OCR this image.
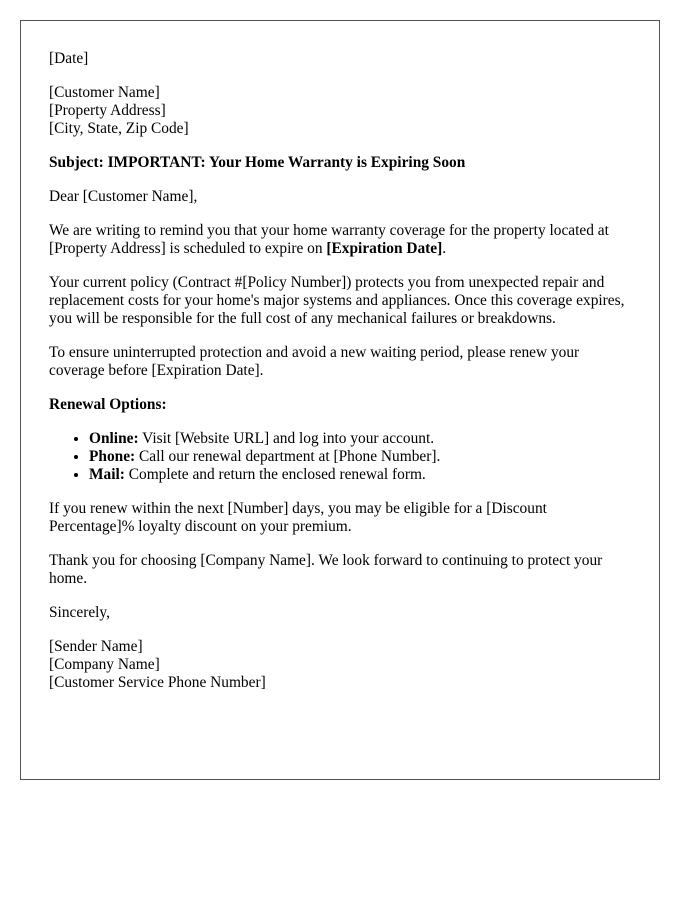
[Date]
[Customer Name]
[Property Address]
[City, State, Zip Code]
Subject: IMPORTANT: Your Home Warranty is Expiring Soon
Dear [Customer Name],
We are writing to remind you that your home warranty coverage for the property located at [Property Address] is scheduled to expire on [Expiration Date].
Your current policy (Contract #[Policy Number]) protects you from unexpected repair and replacement costs for your home's major systems and appliances. Once this coverage expires, you will be responsible for the full cost of any mechanical failures or breakdowns.
To ensure uninterrupted protection and avoid a new waiting period, please renew your coverage before [Expiration Date].
Renewal Options:
• Online: Visit [Website URL] and log into your account.
• Phone: Call our renewal department at [Phone Number].
• Mail: Complete and return the enclosed renewal form.
If you renew within the next [Number] days, you may be eligible for a [Discount Percentage]% loyalty discount on your premium.
Thank you for choosing [Company Name]. We look forward to continuing to protect your home.
Sincerely,
[Sender Name]
[Company Name]
[Customer Service Phone Number]
